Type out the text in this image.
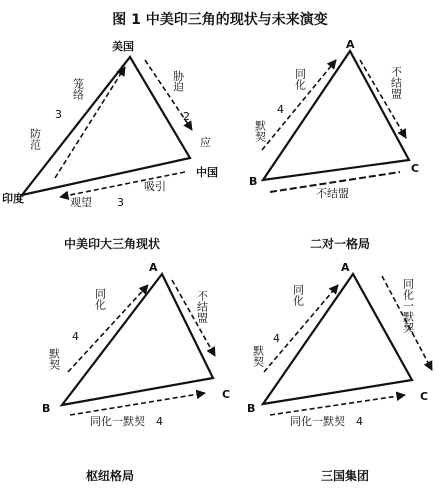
图 1 中美印三角的现状与未来演变
美国
印度
中国
笼络
3
防范
胁迫
2
应
观望 3
吸引
中美印大三角现状
A
B
C
同化
4
默契
不结盟
不结盟
二对一格局
A
B
C
同化
4
默契
不结盟
同化一默契 4
枢纽格局
A
B
C
同化
4
默契
同化一默契
同化一默契 4
三国集团
